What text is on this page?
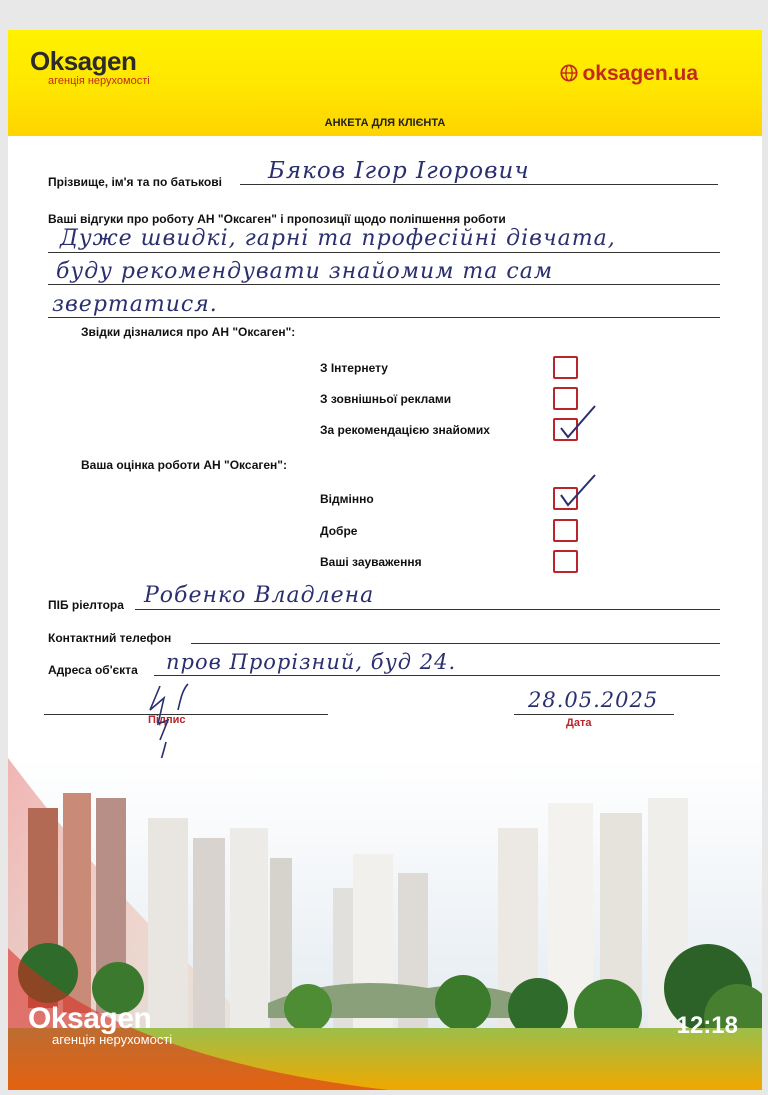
Oksagen
агенція нерухомості	oksagen.ua
АНКЕТА ДЛЯ КЛІЄНТА
Прізвище, ім'я та по батькові Бяков Ігор Ігорович
Ваші відгуки про роботу АН "Оксаген" і пропозиції щодо поліпшення роботи
Дуже швидкі, гарні та професійні дівчата,
буду рекомендувати знайомим та сам
звертатися.
Звідки дізналися про АН "Оксаген":
З Інтернету
З зовнішньої реклами
За рекомендацією знайомих
Ваша оцінка роботи АН "Оксаген":
Відмінно
Добре
Ваші зауваження
ПІБ ріелтора Робенко Владлена
Контактний телефон
Адреса об'єкта пров Прорізний, буд 24.
Підпис	Дата
28.05.2025
Oksagen
агенція нерухомості
12:18
